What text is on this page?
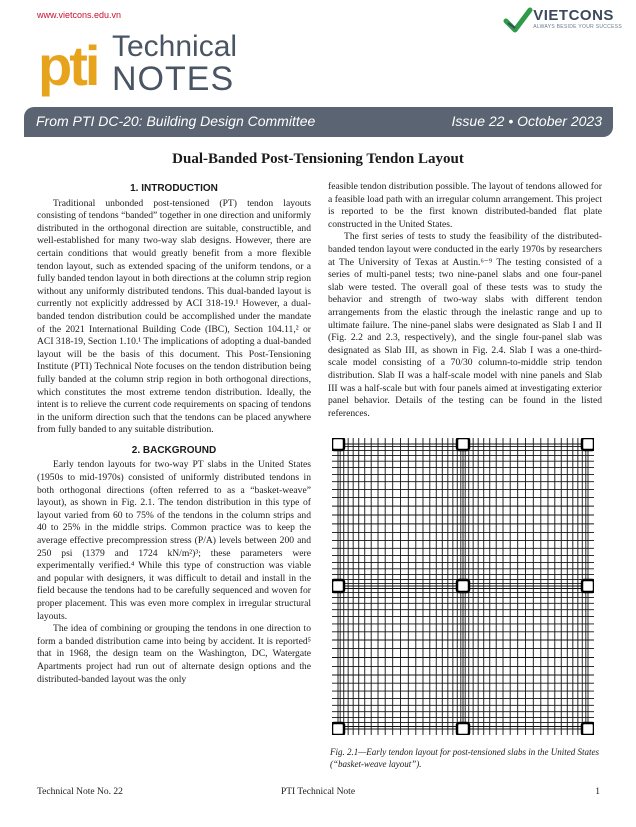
www.vietcons.edu.vn	VIETCONS
ALWAYS BESIDE YOUR SUCCESS
pti Technical
NOTES
From PTI DC-20: Building Design Committee	Issue 22 • October 2023
Dual-Banded Post-Tensioning Tendon Layout
1. INTRODUCTION

Traditional unbonded post-tensioned (PT) tendon layouts consisting of tendons “banded” together in one direction and uniformly distributed in the orthogonal direction are suitable, constructible, and well-established for many two-way slab designs. However, there are certain conditions that would greatly benefit from a more flexible tendon layout, such as extended spacing of the uniform tendons, or a fully banded tendon layout in both directions at the column strip region without any uniformly distributed tendons. This dual-banded layout is currently not explicitly addressed by ACI 318-19.¹ However, a dual-banded tendon distribution could be accomplished under the mandate of the 2021 International Building Code (IBC), Section 104.11,² or ACI 318-19, Section 1.10.¹ The implications of adopting a dual-banded layout will be the basis of this document. This Post-Tensioning Institute (PTI) Technical Note focuses on the tendon distribution being fully banded at the column strip region in both orthogonal directions, which constitutes the most extreme tendon distribution. Ideally, the intent is to relieve the current code requirements on spacing of tendons in the uniform direction such that the tendons can be placed anywhere from fully banded to any suitable distribution.

2. BACKGROUND

Early tendon layouts for two-way PT slabs in the United States (1950s to mid-1970s) consisted of uniformly distributed tendons in both orthogonal directions (often referred to as a “basket-weave” layout), as shown in Fig. 2.1. The tendon distribution in this type of layout varied from 60 to 75% of the tendons in the column strips and 40 to 25% in the middle strips. Common practice was to keep the average effective precompression stress (P/A) levels between 200 and 250 psi (1379 and 1724 kN/m²)³; these parameters were experimentally verified.⁴ While this type of construction was viable and popular with designers, it was difficult to detail and install in the field because the tendons had to be carefully sequenced and woven for proper placement. This was even more complex in irregular structural layouts.

The idea of combining or grouping the tendons in one direction to form a banded distribution came into being by accident. It is reported⁵ that in 1968, the design team on the Washington, DC, Watergate Apartments project had run out of alternate design options and the distributed-banded layout was the only

feasible tendon distribution possible. The layout of tendons allowed for a feasible load path with an irregular column arrangement. This project is reported to be the first known distributed-banded flat plate constructed in the United States.

The first series of tests to study the feasibility of the distributed-banded tendon layout were conducted in the early 1970s by researchers at The University of Texas at Austin.⁶⁻⁹ The testing consisted of a series of multi-panel tests; two nine-panel slabs and one four-panel slab were tested. The overall goal of these tests was to study the behavior and strength of two-way slabs with different tendon arrangements from the elastic through the inelastic range and up to ultimate failure. The nine-panel slabs were designated as Slab I and II (Fig. 2.2 and 2.3, respectively), and the single four-panel slab was designated as Slab III, as shown in Fig. 2.4. Slab I was a one-third-scale model consisting of a 70/30 column-to-middle strip tendon distribution. Slab II was a half-scale model with nine panels and Slab III was a half-scale but with four panels aimed at investigating exterior panel behavior. Details of the testing can be found in the listed references.

Fig. 2.1—Early tendon layout for post-tensioned slabs in the United States (“basket-weave layout”).
Technical Note No. 22	PTI Technical Note	1
